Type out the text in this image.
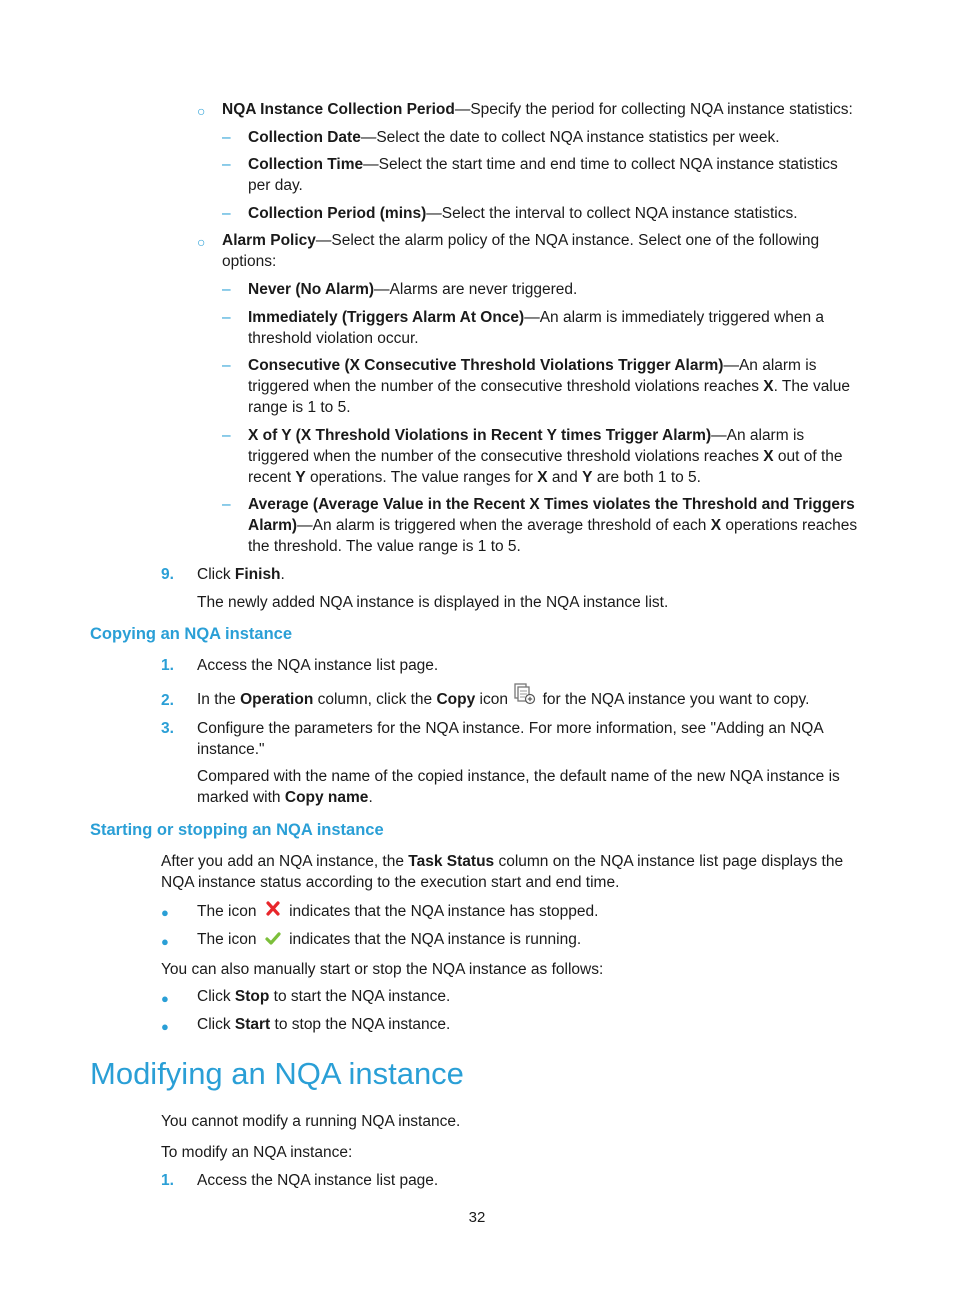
○ NQA Instance Collection Period—Specify the period for collecting NQA instance statistics:
– Collection Date—Select the date to collect NQA instance statistics per week.
– Collection Time—Select the start time and end time to collect NQA instance statistics per day.
– Collection Period (mins)—Select the interval to collect NQA instance statistics.
○ Alarm Policy—Select the alarm policy of the NQA instance. Select one of the following options:
– Never (No Alarm)—Alarms are never triggered.
– Immediately (Triggers Alarm At Once)—An alarm is immediately triggered when a threshold violation occur.
– Consecutive (X Consecutive Threshold Violations Trigger Alarm)—An alarm is triggered when the number of the consecutive threshold violations reaches X. The value range is 1 to 5.
– X of Y (X Threshold Violations in Recent Y times Trigger Alarm)—An alarm is triggered when the number of the consecutive threshold violations reaches X out of the recent Y operations. The value ranges for X and Y are both 1 to 5.
– Average (Average Value in the Recent X Times violates the Threshold and Triggers Alarm)—An alarm is triggered when the average threshold of each X operations reaches the threshold. The value range is 1 to 5.
9. Click Finish.
The newly added NQA instance is displayed in the NQA instance list.
Copying an NQA instance
1. Access the NQA instance list page.
2. In the Operation column, click the Copy icon  for the NQA instance you want to copy.
3. Configure the parameters for the NQA instance. For more information, see "Adding an NQA instance."
Compared with the name of the copied instance, the default name of the new NQA instance is marked with Copy name.
Starting or stopping an NQA instance
After you add an NQA instance, the Task Status column on the NQA instance list page displays the NQA instance status according to the execution start and end time.
● The icon  indicates that the NQA instance has stopped.
● The icon  indicates that the NQA instance is running.
You can also manually start or stop the NQA instance as follows:
● Click Stop to start the NQA instance.
● Click Start to stop the NQA instance.
Modifying an NQA instance
You cannot modify a running NQA instance.
To modify an NQA instance:
1. Access the NQA instance list page.
32
